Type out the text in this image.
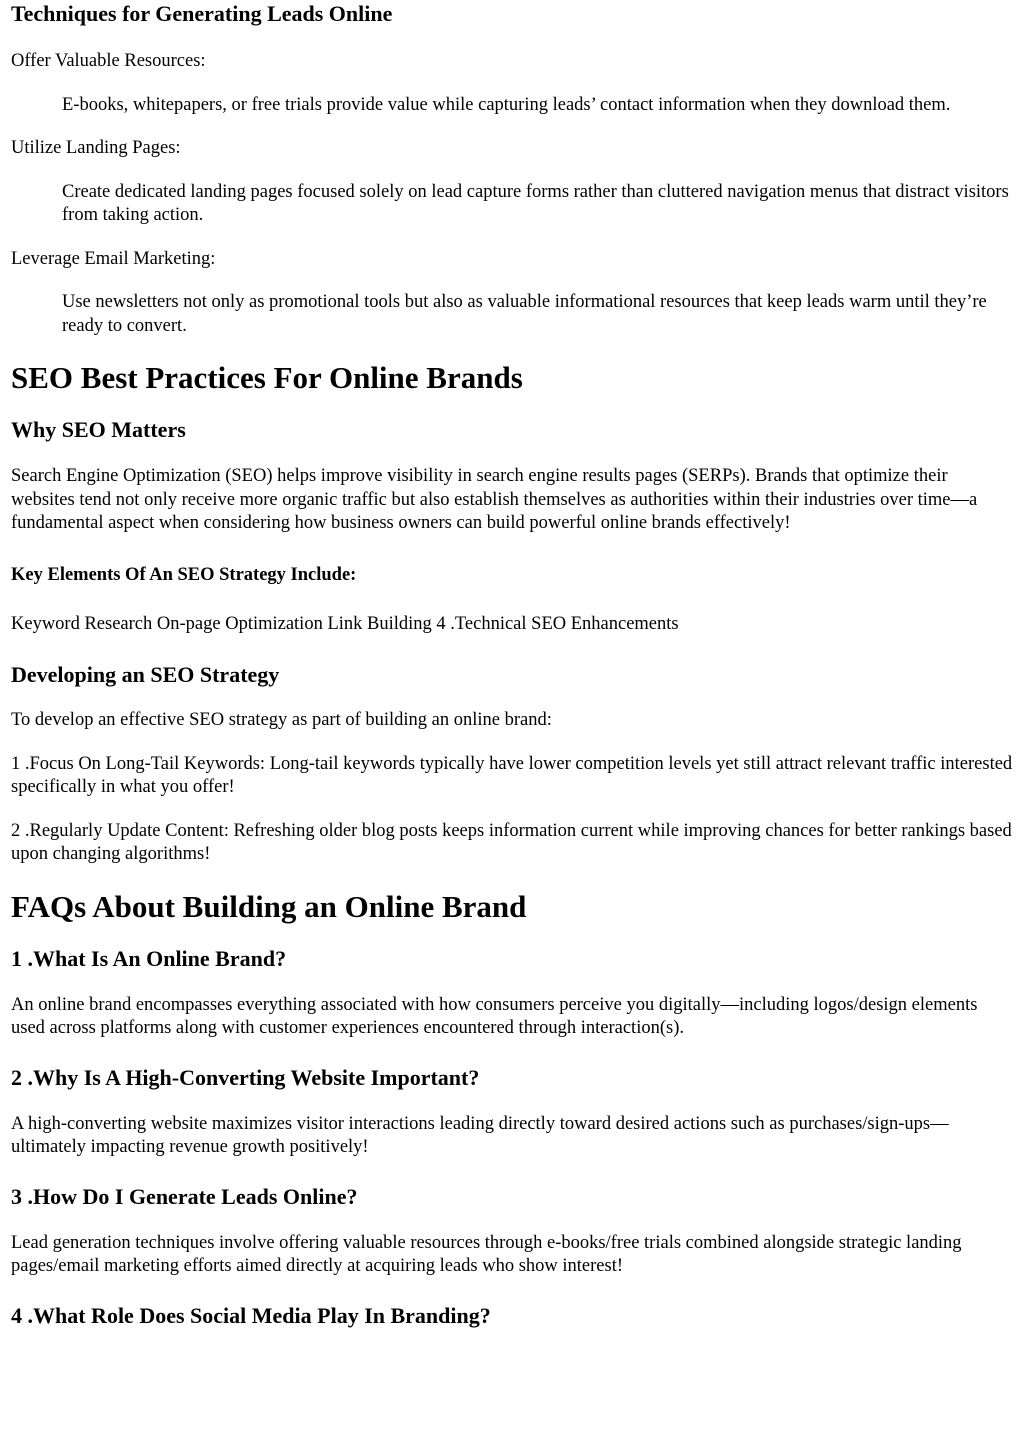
Techniques for Generating Leads Online
Offer Valuable Resources:
E-books, whitepapers, or free trials provide value while capturing leads’ contact information when they download them.
Utilize Landing Pages:
Create dedicated landing pages focused solely on lead capture forms rather than cluttered navigation menus that distract visitors from taking action.
Leverage Email Marketing:
Use newsletters not only as promotional tools but also as valuable informational resources that keep leads warm until they’re ready to convert.
SEO Best Practices For Online Brands
Why SEO Matters

Search Engine Optimization (SEO) helps improve visibility in search engine results pages (SERPs). Brands that optimize their websites tend not only receive more organic traffic but also establish themselves as authorities within their industries over time—a fundamental aspect when considering how business owners can build powerful online brands effectively!

Key Elements Of An SEO Strategy Include:

Keyword Research On-page Optimization Link Building 4 .Technical SEO Enhancements

Developing an SEO Strategy

To develop an effective SEO strategy as part of building an online brand:

1 .Focus On Long-Tail Keywords: Long-tail keywords typically have lower competition levels yet still attract relevant traffic interested specifically in what you offer!

2 .Regularly Update Content: Refreshing older blog posts keeps information current while improving chances for better rankings based upon changing algorithms!

FAQs About Building an Online Brand
1 .What Is An Online Brand?

An online brand encompasses everything associated with how consumers perceive you digitally—including logos/design elements used across platforms along with customer experiences encountered through interaction(s).

2 .Why Is A High-Converting Website Important?

A high-converting website maximizes visitor interactions leading directly toward desired actions such as purchases/sign-ups—ultimately impacting revenue growth positively!

3 .How Do I Generate Leads Online?

Lead generation techniques involve offering valuable resources through e-books/free trials combined alongside strategic landing pages/email marketing efforts aimed directly at acquiring leads who show interest!

4 .What Role Does Social Media Play In Branding?
